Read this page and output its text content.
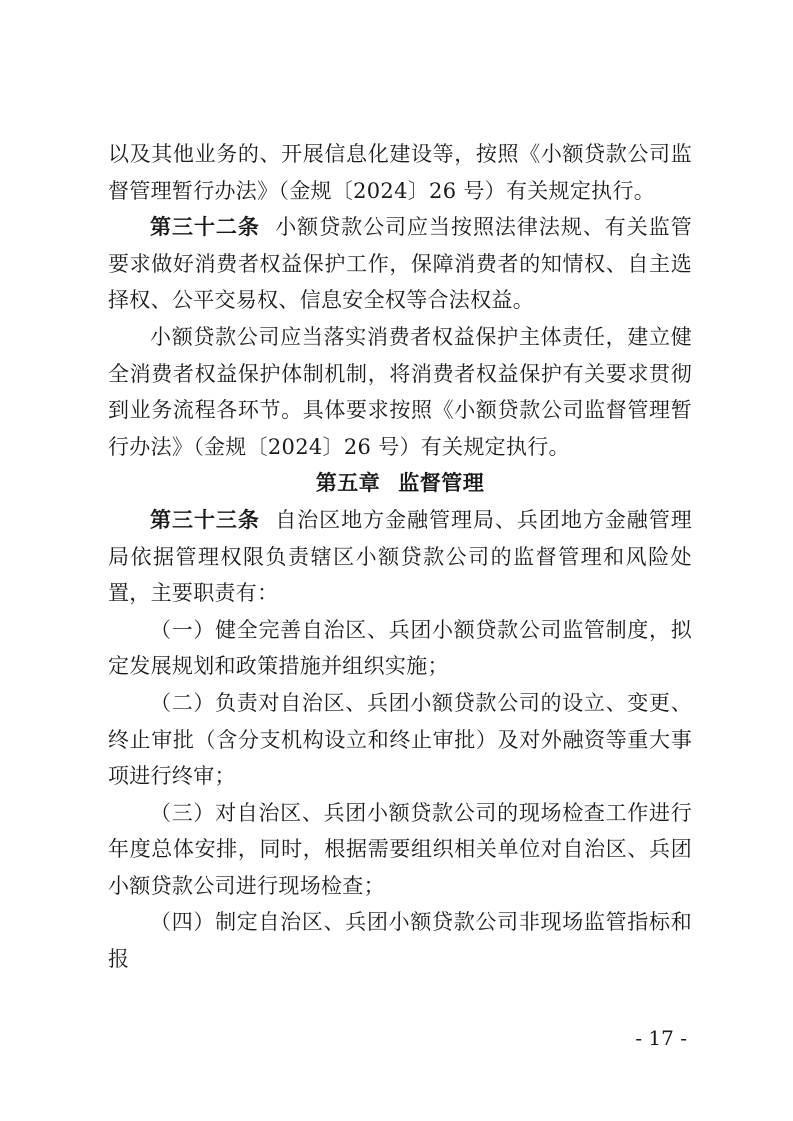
以及其他业务的、开展信息化建设等，按照《小额贷款公司监督管理暂行办法》（金规〔2024〕26 号）有关规定执行。

第三十二条 小额贷款公司应当按照法律法规、有关监管要求做好消费者权益保护工作，保障消费者的知情权、自主选择权、公平交易权、信息安全权等合法权益。

小额贷款公司应当落实消费者权益保护主体责任，建立健全消费者权益保护体制机制，将消费者权益保护有关要求贯彻到业务流程各环节。具体要求按照《小额贷款公司监督管理暂行办法》（金规〔2024〕26 号）有关规定执行。

第五章 监督管理

第三十三条 自治区地方金融管理局、兵团地方金融管理局依据管理权限负责辖区小额贷款公司的监督管理和风险处置，主要职责有：

（一）健全完善自治区、兵团小额贷款公司监管制度，拟定发展规划和政策措施并组织实施；

（二）负责对自治区、兵团小额贷款公司的设立、变更、终止审批（含分支机构设立和终止审批）及对外融资等重大事项进行终审；

（三）对自治区、兵团小额贷款公司的现场检查工作进行年度总体安排，同时，根据需要组织相关单位对自治区、兵团小额贷款公司进行现场检查；

（四）制定自治区、兵团小额贷款公司非现场监管指标和报

- 17 -
